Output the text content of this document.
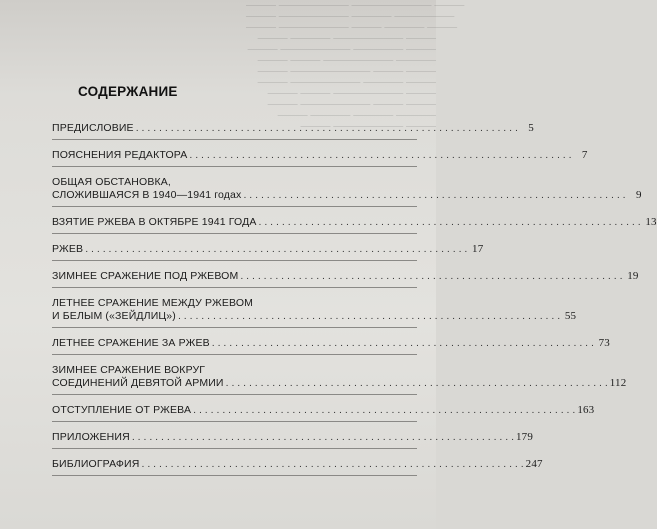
——— ——————— ———————— ———
——— ——————— ———— ——————
——— ——————— ——— ———— ———
——— ———— ——————— ———
——— ——————— ————— ———
——— ——— ——————— ————
——— ———————— ——— ———
——— ——————— ———— ———
——— ——— ——————— ———
——— ——————— ——— ———
——— ———— ———— ————
——— ——————— ———
СОДЕРЖАНИЕ
ПРЕДИСЛОВИЕ . . .	5
ПОЯСНЕНИЯ РЕДАКТОРА . . .	7
ОБЩАЯ ОБСТАНОВКА,
СЛОЖИВШАЯСЯ В 1940—1941 годах . . .	9
ВЗЯТИЕ РЖЕВА В ОКТЯБРЕ 1941 ГОДА . . .	13
РЖЕВ . . .	17
ЗИМНЕЕ СРАЖЕНИЕ ПОД РЖЕВОМ . . .	19
ЛЕТНЕЕ СРАЖЕНИЕ МЕЖДУ РЖЕВОМ
И БЕЛЫМ («ЗЕЙДЛИЦ») . . .	55
ЛЕТНЕЕ СРАЖЕНИЕ ЗА РЖЕВ . . .	73
ЗИМНЕЕ СРАЖЕНИЕ ВОКРУГ
СОЕДИНЕНИЙ ДЕВЯТОЙ АРМИИ . . .	112
ОТСТУПЛЕНИЕ ОТ РЖЕВА . . .	163
ПРИЛОЖЕНИЯ . . .	179
БИБЛИОГРАФИЯ . . .	247
